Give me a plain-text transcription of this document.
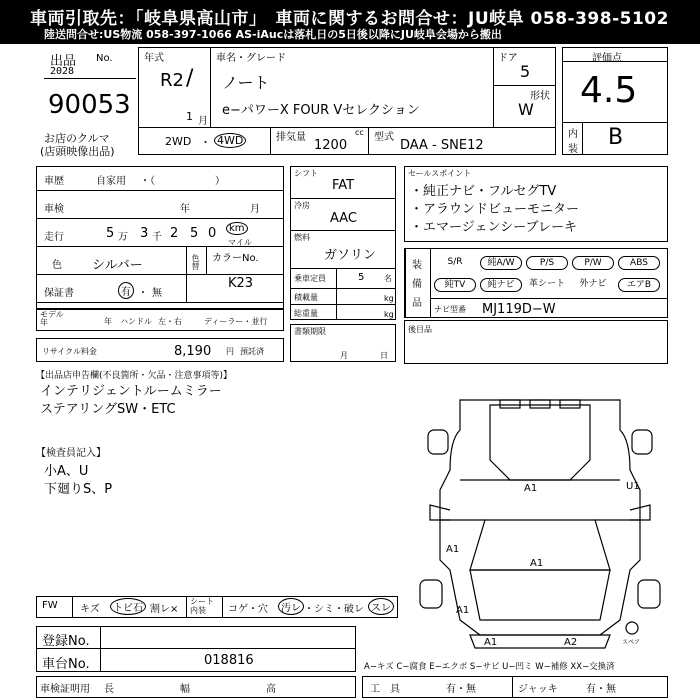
車両引取先：「岐阜県高山市」　車両に関するお問合せ：JU岐阜 058-398-5102
陸送問合せ:US物流 058-397-1066 AS-iAucは落札日の5日後以降にJU岐阜会場から搬出
出品 No.
2028
90053
お店のクルマ
(店頭映像出品)
年式
R2 /
1 月
車名・グレード
ノート
e−パワーX FOUR Vセレクション
ドア
5
形状
W
2WD ・ 4WD	排気量	cc
1200
型式
DAA - SNE12
評価点
4.5
内
装 B
車歴	自家用 ・（　　　　　　）
車検	年	月
走行	5 万 3 千 2 5 0	km
マイル
色 シルバー	色替 カラーNo.
K23
保証書	有 ・ 無
モデル年	年 ハンドル 左・右	ディーラー・並行
リサイクル料金	8,190 円 預託済
シフト
FAT
冷房
AAC
燃料
ガソリン
乗車定員	5 名
積載量	kg
総重量	kg
書類期限
月	日
セールスポイント
・純正ナビ・フルセグTV
・アラウンドビューモニター
・エマージェンシーブレーキ
装
備
品
S/R	純A/W	P/S	P/W	ABS
純TV	純ナビ	革シート	外ナビ	エアB
ナビ型番 MJ119D−W
後目品
【出品店申告欄(不良箇所・欠品・注意事項等)】
インテリジェントルームミラー
ステアリングSW・ETC
【検査員記入】
小A、U
下廻りS、P
FW キズ	トビ石 割レ×
シート内装	コゲ・穴	汚レ ・シミ・破レ スレ
登録No.
車台No.	018816
車検証明用 長	幅	高
A−キズ C−腐食 E−エクボ S−サビ U−凹ミ W−補修 XX−交換済
工　具	有・無	ジャッキ	有・無
A1	U1
A1
A1
A1
A1	A2	スペア
